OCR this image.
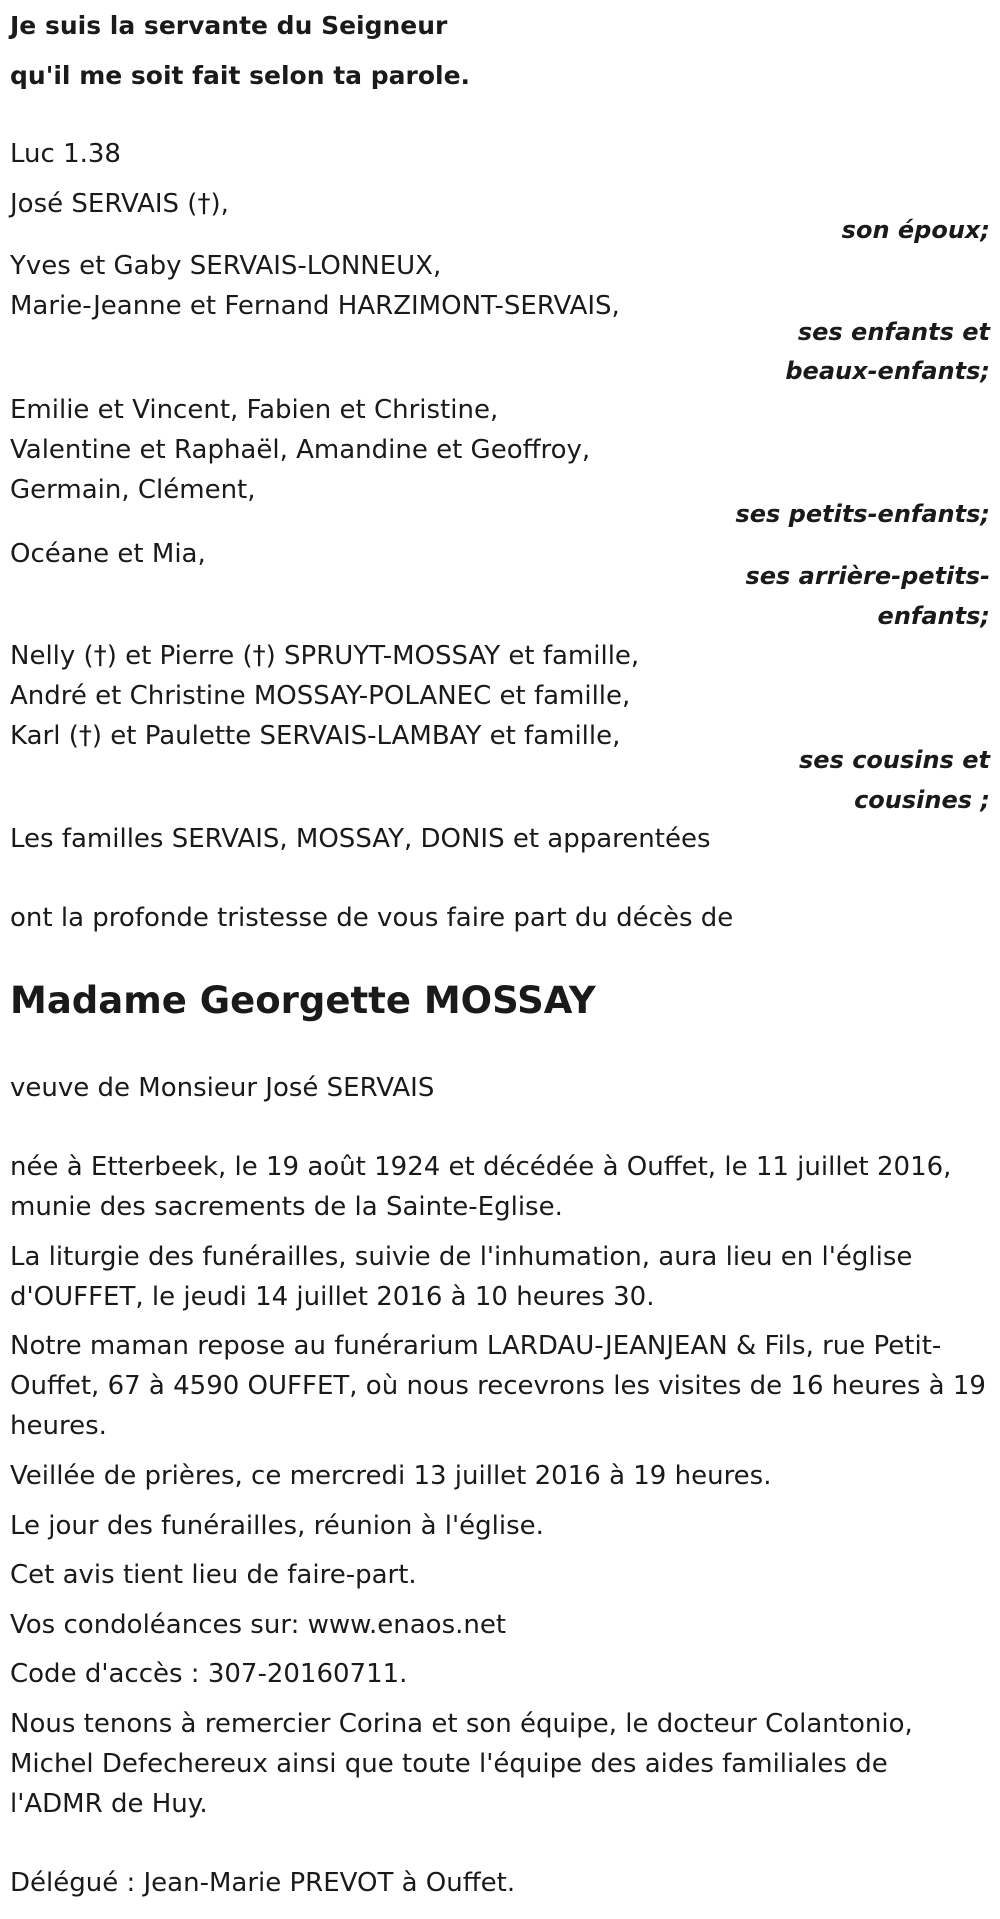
Je suis la servante du Seigneur
qu'il me soit fait selon ta parole.
Luc 1.38
José SERVAIS (†),
son époux;
Yves et Gaby SERVAIS-LONNEUX,
Marie-Jeanne et Fernand HARZIMONT-SERVAIS,
ses enfants et
beaux-enfants;
Emilie et Vincent, Fabien et Christine,
Valentine et Raphaël, Amandine et Geoffroy,
Germain, Clément,
ses petits-enfants;
Océane et Mia,
ses arrière-petits-
enfants;
Nelly (†) et Pierre (†) SPRUYT-MOSSAY et famille,
André et Christine MOSSAY-POLANEC et famille,
Karl (†) et Paulette SERVAIS-LAMBAY et famille,
ses cousins et
cousines ;
Les familles SERVAIS, MOSSAY, DONIS et apparentées
ont la profonde tristesse de vous faire part du décès de
Madame Georgette MOSSAY
veuve de Monsieur José SERVAIS
née à Etterbeek, le 19 août 1924 et décédée à Ouffet, le 11 juillet 2016,
munie des sacrements de la Sainte-Eglise.
La liturgie des funérailles, suivie de l'inhumation, aura lieu en l'église
d'OUFFET, le jeudi 14 juillet 2016 à 10 heures 30.
Notre maman repose au funérarium LARDAU-JEANJEAN & Fils, rue Petit-
Ouffet, 67 à 4590 OUFFET, où nous recevrons les visites de 16 heures à 19
heures.
Veillée de prières, ce mercredi 13 juillet 2016 à 19 heures.
Le jour des funérailles, réunion à l'église.
Cet avis tient lieu de faire-part.
Vos condoléances sur: www.enaos.net
Code d'accès : 307-20160711.
Nous tenons à remercier Corina et son équipe, le docteur Colantonio,
Michel Defechereux ainsi que toute l'équipe des aides familiales de
l'ADMR de Huy.
Délégué : Jean-Marie PREVOT à Ouffet.
